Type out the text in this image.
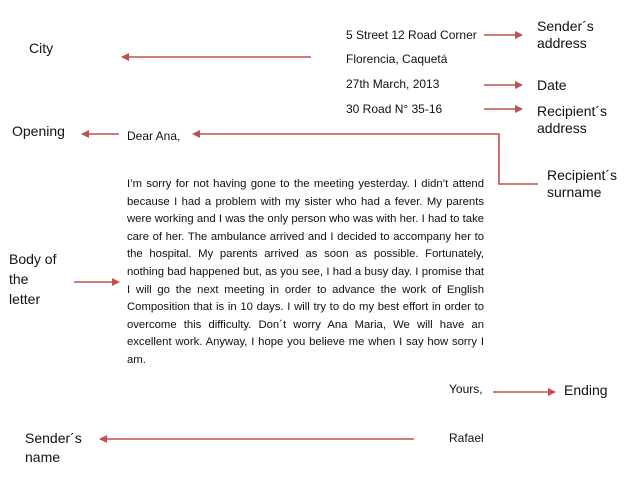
City
Sender´s
address
Date
Recipient´s
address
Opening
Recipient´s
surname
Body of
the
letter
Ending
Sender´s
name
5 Street 12 Road Corner
Florencia, Caquetá
27th March, 2013
30 Road N° 35-16
Dear Ana,

I’m sorry for not having gone to the meeting yesterday. I didn’t attend because I had a problem with my sister who had a fever. My parents were working and I was the only person who was with her. I had to take care of her. The ambulance arrived and I decided to accompany her to the hospital. My parents arrived as soon as possible. Fortunately, nothing bad happened but, as you see, I had a busy day. I promise that I will go the next meeting in order to advance the work of English Composition that is in 10 days. I will try to do my best effort in order to overcome this difficulty. Don´t worry Ana Maria, We will have an excellent work. Anyway, I hope you believe me when I say how sorry I am.

Yours,
Rafael
